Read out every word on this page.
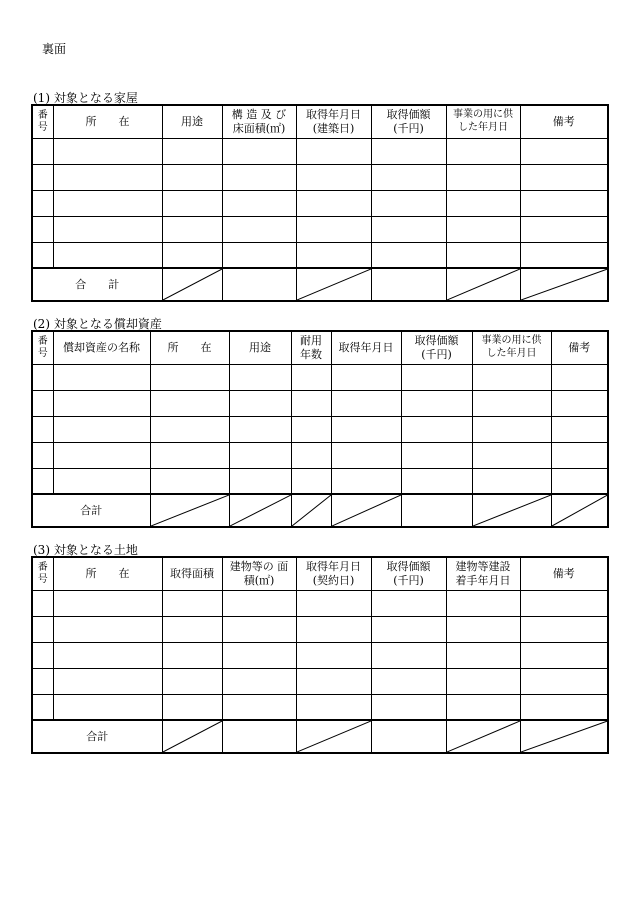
裏面
(1) 対象となる家屋
番号	所　　在	用途	構 造 及 び 床面積(㎡)	取得年月日 (建築日)	取得価額 (千円)	事業の用に供 した年月日	備考

合　　計	

(2) 対象となる償却資産
番号	償却資産の名称	所　　在	用途	耐用 年数	取得年月日	取得価額 (千円)	事業の用に供 した年月日	備考

合計	

(3) 対象となる土地
番号	所　　在	取得面積	建物等の 面積(㎡)	取得年月日 (契約日)	取得価額 (千円)	建物等建設 着手年月日	備考

合計	
